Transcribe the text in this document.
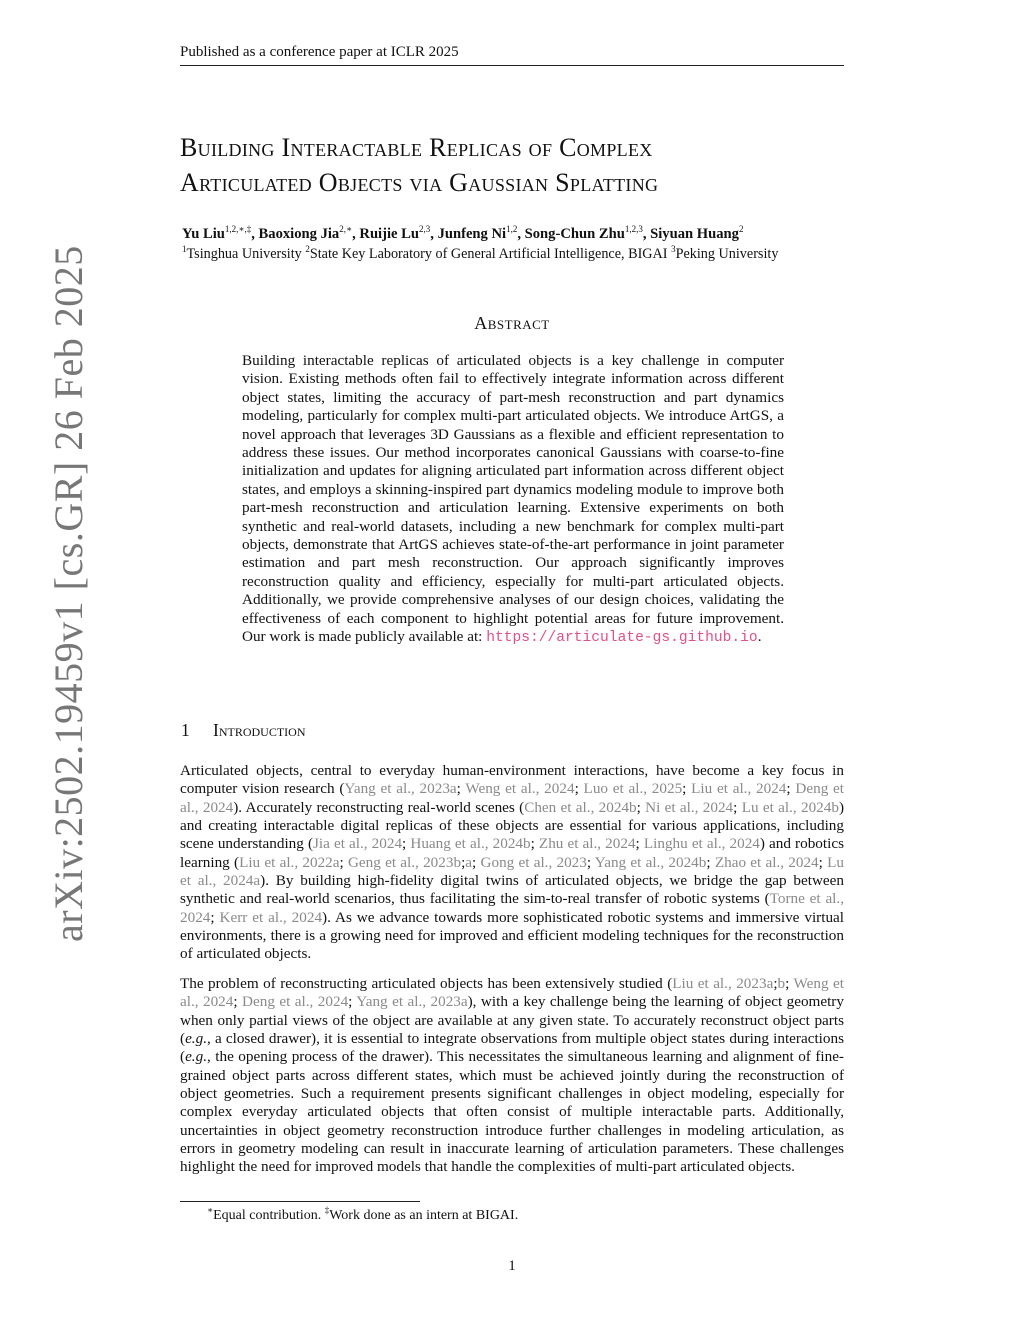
Published as a conference paper at ICLR 2025
Building Interactable Replicas of Complex
Articulated Objects via Gaussian Splatting
Yu Liu$^{1,2,∗,\ddagger}$, Baoxiong Jia$^{2,∗}$, Ruijie Lu$^{2,3}$, Junfeng Ni$^{1,2}$, Song-Chun Zhu$^{1,2,3}$, Siyuan Huang$^2$
$^1$Tsinghua University $^2$State Key Laboratory of General Artificial Intelligence, BIGAI $^3$Peking University
Abstract
Building interactable replicas of articulated objects is a key challenge in computer vision. Existing methods often fail to effectively integrate information across different object states, limiting the accuracy of part-mesh reconstruction and part dynamics modeling, particularly for complex multi-part articulated objects. We introduce ArtGS, a novel approach that leverages 3D Gaussians as a flexible and efficient representation to address these issues. Our method incorporates canonical Gaussians with coarse-to-fine initialization and updates for aligning articulated part information across different object states, and employs a skinning-inspired part dynamics modeling module to improve both part-mesh reconstruction and articulation learning. Extensive experiments on both synthetic and real-world datasets, including a new benchmark for complex multi-part objects, demonstrate that ArtGS achieves state-of-the-art performance in joint parameter estimation and part mesh reconstruction. Our approach significantly improves reconstruction quality and efficiency, especially for multi-part articulated objects. Additionally, we provide comprehensive analyses of our design choices, validating the effectiveness of each component to highlight potential areas for future improvement. Our work is made publicly available at: https://articulate-gs.github.io.
1 Introduction
Articulated objects, central to everyday human-environment interactions, have become a key focus in computer vision research (Yang et al., 2023a; Weng et al., 2024; Luo et al., 2025; Liu et al., 2024; Deng et al., 2024). Accurately reconstructing real-world scenes (Chen et al., 2024b; Ni et al., 2024; Lu et al., 2024b) and creating interactable digital replicas of these objects are essential for various applications, including scene understanding (Jia et al., 2024; Huang et al., 2024b; Zhu et al., 2024; Linghu et al., 2024) and robotics learning (Liu et al., 2022a; Geng et al., 2023b;a; Gong et al., 2023; Yang et al., 2024b; Zhao et al., 2024; Lu et al., 2024a). By building high-fidelity digital twins of articulated objects, we bridge the gap between synthetic and real-world scenarios, thus facilitating the sim-to-real transfer of robotic systems (Torne et al., 2024; Kerr et al., 2024). As we advance towards more sophisticated robotic systems and immersive virtual environments, there is a growing need for improved and efficient modeling techniques for the reconstruction of articulated objects.
The problem of reconstructing articulated objects has been extensively studied (Liu et al., 2023a;b; Weng et al., 2024; Deng et al., 2024; Yang et al., 2023a), with a key challenge being the learning of object geometry when only partial views of the object are available at any given state. To accurately reconstruct object parts (e.g., a closed drawer), it is essential to integrate observations from multiple object states during interactions (e.g., the opening process of the drawer). This necessitates the simultaneous learning and alignment of fine-grained object parts across different states, which must be achieved jointly during the reconstruction of object geometries. Such a requirement presents significant challenges in object modeling, especially for complex everyday articulated objects that often consist of multiple interactable parts. Additionally, uncertainties in object geometry reconstruction introduce further challenges in modeling articulation, as errors in geometry modeling can result in inaccurate learning of articulation parameters. These challenges highlight the need for improved models that handle the complexities of multi-part articulated objects.
∗Equal contribution. ‡Work done as an intern at BIGAI.
1
arXiv:2502.19459v1 [cs.GR] 26 Feb 2025
